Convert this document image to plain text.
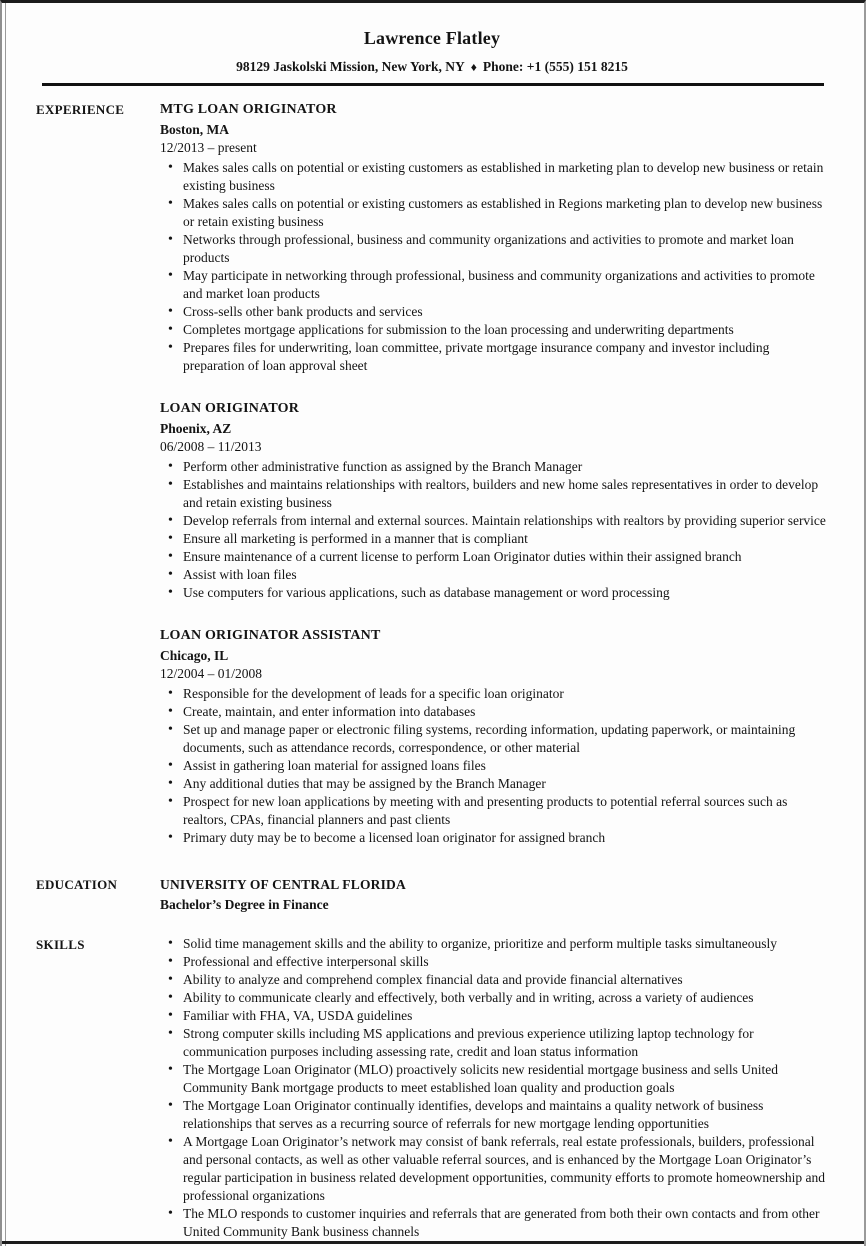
Lawrence Flatley
98129 Jaskolski Mission, New York, NY ♦ Phone: +1 (555) 151 8215
EXPERIENCE	MTG LOAN ORIGINATOR
Boston, MA
12/2013 – present
• Makes sales calls on potential or existing customers as established in marketing plan to develop new business or retain existing business
• Makes sales calls on potential or existing customers as established in Regions marketing plan to develop new business or retain existing business
• Networks through professional, business and community organizations and activities to promote and market loan products
• May participate in networking through professional, business and community organizations and activities to promote and market loan products
• Cross-sells other bank products and services
• Completes mortgage applications for submission to the loan processing and underwriting departments
• Prepares files for underwriting, loan committee, private mortgage insurance company and investor including preparation of loan approval sheet
LOAN ORIGINATOR
Phoenix, AZ
06/2008 – 11/2013
• Perform other administrative function as assigned by the Branch Manager
• Establishes and maintains relationships with realtors, builders and new home sales representatives in order to develop and retain existing business
• Develop referrals from internal and external sources. Maintain relationships with realtors by providing superior service
• Ensure all marketing is performed in a manner that is compliant
• Ensure maintenance of a current license to perform Loan Originator duties within their assigned branch
• Assist with loan files
• Use computers for various applications, such as database management or word processing
LOAN ORIGINATOR ASSISTANT
Chicago, IL
12/2004 – 01/2008
• Responsible for the development of leads for a specific loan originator
• Create, maintain, and enter information into databases
• Set up and manage paper or electronic filing systems, recording information, updating paperwork, or maintaining documents, such as attendance records, correspondence, or other material
• Assist in gathering loan material for assigned loans files
• Any additional duties that may be assigned by the Branch Manager
• Prospect for new loan applications by meeting with and presenting products to potential referral sources such as realtors, CPAs, financial planners and past clients
• Primary duty may be to become a licensed loan originator for assigned branch
EDUCATION	UNIVERSITY OF CENTRAL FLORIDA
Bachelor’s Degree in Finance
SKILLS	• Solid time management skills and the ability to organize, prioritize and perform multiple tasks simultaneously
• Professional and effective interpersonal skills
• Ability to analyze and comprehend complex financial data and provide financial alternatives
• Ability to communicate clearly and effectively, both verbally and in writing, across a variety of audiences
• Familiar with FHA, VA, USDA guidelines
• Strong computer skills including MS applications and previous experience utilizing laptop technology for communication purposes including assessing rate, credit and loan status information
• The Mortgage Loan Originator (MLO) proactively solicits new residential mortgage business and sells United Community Bank mortgage products to meet established loan quality and production goals
• The Mortgage Loan Originator continually identifies, develops and maintains a quality network of business relationships that serves as a recurring source of referrals for new mortgage lending opportunities
• A Mortgage Loan Originator’s network may consist of bank referrals, real estate professionals, builders, professional and personal contacts, as well as other valuable referral sources, and is enhanced by the Mortgage Loan Originator’s regular participation in business related development opportunities, community efforts to promote homeownership and professional organizations
• The MLO responds to customer inquiries and referrals that are generated from both their own contacts and from other United Community Bank business channels
